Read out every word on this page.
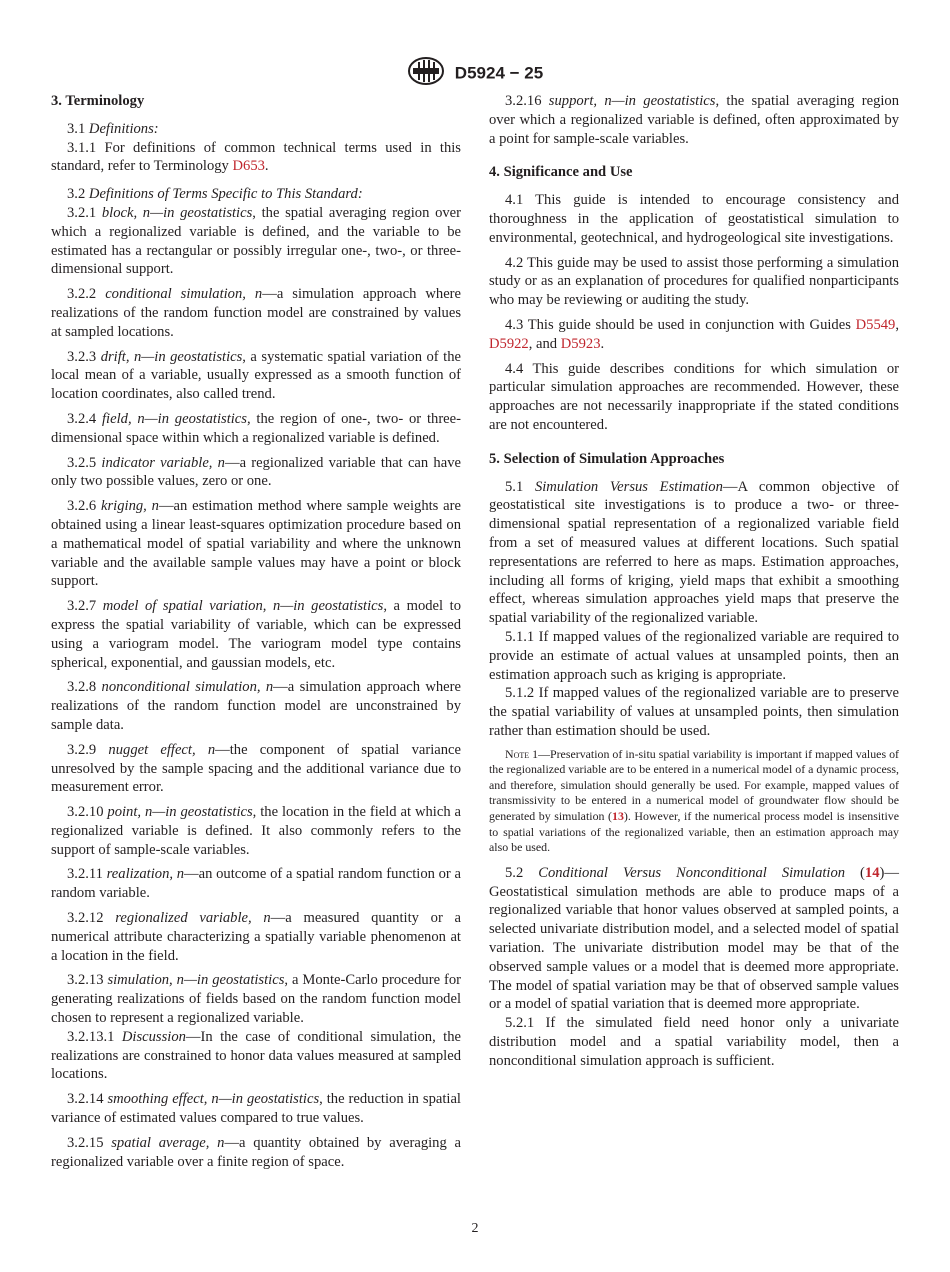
D5924 − 25
3. Terminology
3.1 Definitions:
3.1.1 For definitions of common technical terms used in this standard, refer to Terminology D653.
3.2 Definitions of Terms Specific to This Standard:
3.2.1 block, n—in geostatistics, the spatial averaging region over which a regionalized variable is defined, and the variable to be estimated has a rectangular or possibly irregular one-, two-, or three-dimensional support.
3.2.2 conditional simulation, n—a simulation approach where realizations of the random function model are constrained by values at sampled locations.
3.2.3 drift, n—in geostatistics, a systematic spatial variation of the local mean of a variable, usually expressed as a smooth function of location coordinates, also called trend.
3.2.4 field, n—in geostatistics, the region of one-, two- or three-dimensional space within which a regionalized variable is defined.
3.2.5 indicator variable, n—a regionalized variable that can have only two possible values, zero or one.
3.2.6 kriging, n—an estimation method where sample weights are obtained using a linear least-squares optimization procedure based on a mathematical model of spatial variability and where the unknown variable and the available sample values may have a point or block support.
3.2.7 model of spatial variation, n—in geostatistics, a model to express the spatial variability of variable, which can be expressed using a variogram model. The variogram model type contains spherical, exponential, and gaussian models, etc.
3.2.8 nonconditional simulation, n—a simulation approach where realizations of the random function model are unconstrained by sample data.
3.2.9 nugget effect, n—the component of spatial variance unresolved by the sample spacing and the additional variance due to measurement error.
3.2.10 point, n—in geostatistics, the location in the field at which a regionalized variable is defined. It also commonly refers to the support of sample-scale variables.
3.2.11 realization, n—an outcome of a spatial random function or a random variable.
3.2.12 regionalized variable, n—a measured quantity or a numerical attribute characterizing a spatially variable phenomenon at a location in the field.
3.2.13 simulation, n—in geostatistics, a Monte-Carlo procedure for generating realizations of fields based on the random function model chosen to represent a regionalized variable.
3.2.13.1 Discussion—In the case of conditional simulation, the realizations are constrained to honor data values measured at sampled locations.
3.2.14 smoothing effect, n—in geostatistics, the reduction in spatial variance of estimated values compared to true values.
3.2.15 spatial average, n—a quantity obtained by averaging a regionalized variable over a finite region of space.
3.2.16 support, n—in geostatistics, the spatial averaging region over which a regionalized variable is defined, often approximated by a point for sample-scale variables.
4. Significance and Use
4.1 This guide is intended to encourage consistency and thoroughness in the application of geostatistical simulation to environmental, geotechnical, and hydrogeological site investigations.
4.2 This guide may be used to assist those performing a simulation study or as an explanation of procedures for qualified nonparticipants who may be reviewing or auditing the study.
4.3 This guide should be used in conjunction with Guides D5549, D5922, and D5923.
4.4 This guide describes conditions for which simulation or particular simulation approaches are recommended. However, these approaches are not necessarily inappropriate if the stated conditions are not encountered.
5. Selection of Simulation Approaches
5.1 Simulation Versus Estimation—A common objective of geostatistical site investigations is to produce a two- or three-dimensional spatial representation of a regionalized variable field from a set of measured values at different locations. Such spatial representations are referred to here as maps. Estimation approaches, including all forms of kriging, yield maps that exhibit a smoothing effect, whereas simulation approaches yield maps that preserve the spatial variability of the regionalized variable.
5.1.1 If mapped values of the regionalized variable are required to provide an estimate of actual values at unsampled points, then an estimation approach such as kriging is appropriate.
5.1.2 If mapped values of the regionalized variable are to preserve the spatial variability of values at unsampled points, then simulation rather than estimation should be used.
Note 1—Preservation of in-situ spatial variability is important if mapped values of the regionalized variable are to be entered in a numerical model of a dynamic process, and therefore, simulation should generally be used. For example, mapped values of transmissivity to be entered in a numerical model of groundwater flow should be generated by simulation (13). However, if the numerical process model is insensitive to spatial variations of the regionalized variable, then an estimation approach may also be used.
5.2 Conditional Versus Nonconditional Simulation (14)—Geostatistical simulation methods are able to produce maps of a regionalized variable that honor values observed at sampled points, a selected univariate distribution model, and a selected model of spatial variation. The univariate distribution model may be that of the observed sample values or a model that is deemed more appropriate. The model of spatial variation may be that of observed sample values or a model of spatial variation that is deemed more appropriate.
5.2.1 If the simulated field need honor only a univariate distribution model and a spatial variability model, then a nonconditional simulation approach is sufficient.
2
